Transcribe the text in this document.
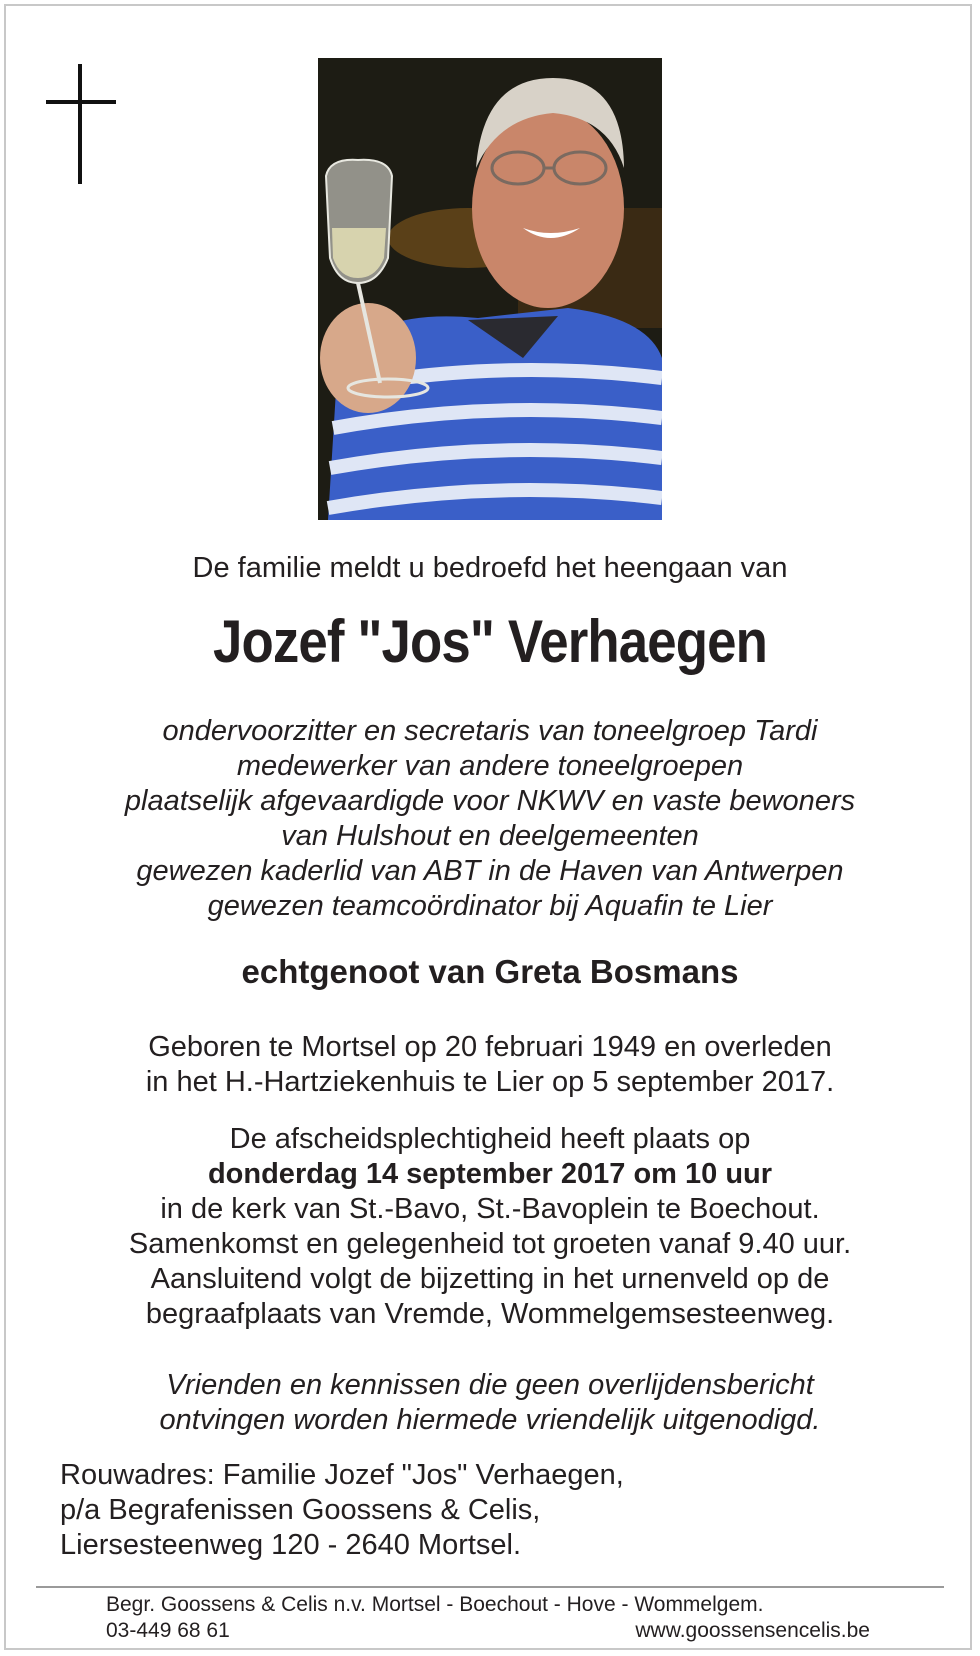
De familie meldt u bedroefd het heengaan van
Jozef "Jos" Verhaegen
ondervoorzitter en secretaris van toneelgroep Tardi
medewerker van andere toneelgroepen
plaatselijk afgevaardigde voor NKWV en vaste bewoners
van Hulshout en deelgemeenten
gewezen kaderlid van ABT in de Haven van Antwerpen
gewezen teamcoördinator bij Aquafin te Lier
echtgenoot van Greta Bosmans
Geboren te Mortsel op 20 februari 1949 en overleden
in het H.-Hartziekenhuis te Lier op 5 september 2017.
De afscheidsplechtigheid heeft plaats op
donderdag 14 september 2017 om 10 uur
in de kerk van St.-Bavo, St.-Bavoplein te Boechout.
Samenkomst en gelegenheid tot groeten vanaf 9.40 uur.
Aansluitend volgt de bijzetting in het urnenveld op de
begraafplaats van Vremde, Wommelgemsesteenweg.
Vrienden en kennissen die geen overlijdensbericht
ontvingen worden hiermede vriendelijk uitgenodigd.
Rouwadres: Familie Jozef "Jos" Verhaegen,
p/a Begrafenissen Goossens & Celis,
Liersesteenweg 120 - 2640 Mortsel.
Begr. Goossens & Celis n.v. Mortsel - Boechout - Hove - Wommelgem.
03-449 68 61	www.goossensencelis.be
